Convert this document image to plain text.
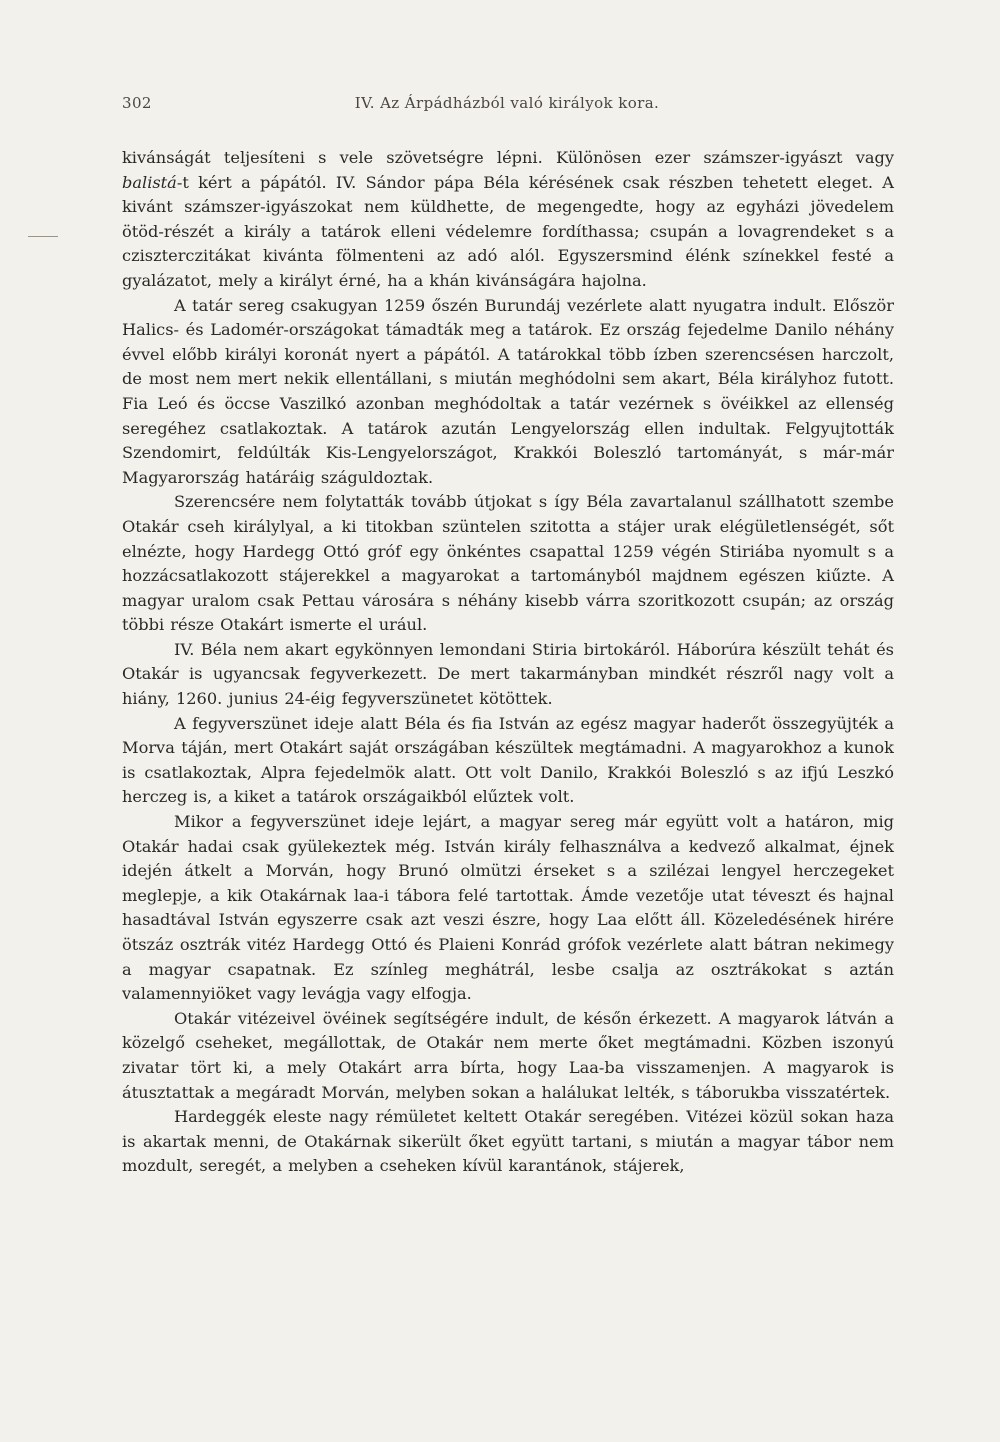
302	IV. Az Árpádházból való királyok kora.

kivánságát teljesíteni s vele szövetségre lépni. Különösen ezer számszer-igyászt vagy balistá-t kért a pápától. IV. Sándor pápa Béla kérésének csak részben tehetett eleget. A kivánt számszer-igyászokat nem küldhette, de megengedte, hogy az egyházi jövedelem ötöd-részét a király a tatárok elleni védelemre fordíthassa; csupán a lovagrendeket s a cziszterczitákat kivánta fölmenteni az adó alól. Egyszersmind élénk színekkel festé a gyalázatot, mely a királyt érné, ha a khán kivánságára hajolna.

A tatár sereg csakugyan 1259 őszén Burundáj vezérlete alatt nyugatra indult. Először Halics- és Ladomér-országokat támadták meg a tatárok. Ez ország fejedelme Danilo néhány évvel előbb királyi koronát nyert a pápától. A tatárokkal több ízben szerencsésen harczolt, de most nem mert nekik ellentállani, s miután meghódolni sem akart, Béla királyhoz futott. Fia Leó és öccse Vaszilkó azonban meghódoltak a tatár vezérnek s övéikkel az ellenség seregéhez csatlakoztak. A tatárok azután Lengyelország ellen indultak. Felgyujtották Szendomirt, feldúlták Kis-Lengyelországot, Krakkói Boleszló tartományát, s már-már Magyarország határáig száguldoztak.

Szerencsére nem folytatták tovább útjokat s így Béla zavartalanul szállhatott szembe Otakár cseh királylyal, a ki titokban szüntelen szitotta a stájer urak elégületlenségét, sőt elnézte, hogy Hardegg Ottó gróf egy önkéntes csapattal 1259 végén Stiriába nyomult s a hozzácsatlakozott stájerekkel a magyarokat a tartományból majdnem egészen kiűzte. A magyar uralom csak Pettau városára s néhány kisebb várra szoritkozott csupán; az ország többi része Otakárt ismerte el urául.

IV. Béla nem akart egykönnyen lemondani Stiria birtokáról. Háborúra készült tehát és Otakár is ugyancsak fegyverkezett. De mert takarmányban mindkét részről nagy volt a hiány, 1260. junius 24-éig fegyverszünetet kötöttek.

A fegyverszünet ideje alatt Béla és fia István az egész magyar haderőt összegyüjték a Morva táján, mert Otakárt saját országában készültek megtámadni. A magyarokhoz a kunok is csatlakoztak, Alpra fejedelmök alatt. Ott volt Danilo, Krakkói Boleszló s az ifjú Leszkó herczeg is, a kiket a tatárok országaikból elűztek volt.

Mikor a fegyverszünet ideje lejárt, a magyar sereg már együtt volt a határon, mig Otakár hadai csak gyülekeztek még. István király felhasználva a kedvező alkalmat, éjnek idején átkelt a Morván, hogy Brunó olmützi érseket s a szilézai lengyel herczegeket meglepje, a kik Otakárnak laa-i tábora felé tartottak. Ámde vezetője utat téveszt és hajnal hasadtával István egyszerre csak azt veszi észre, hogy Laa előtt áll. Közeledésének hirére ötszáz osztrák vitéz Hardegg Ottó és Plaieni Konrád grófok vezérlete alatt bátran nekimegy a magyar csapatnak. Ez színleg meghátrál, lesbe csalja az osztrákokat s aztán valamennyiöket vagy levágja vagy elfogja.

Otakár vitézeivel övéinek segítségére indult, de későn érkezett. A magyarok látván a közelgő cseheket, megállottak, de Otakár nem merte őket megtámadni. Közben iszonyú zivatar tört ki, a mely Otakárt arra bírta, hogy Laa-ba visszamenjen. A magyarok is átusztattak a megáradt Morván, melyben sokan a halálukat lelték, s táborukba visszatértek.

Hardeggék eleste nagy rémületet keltett Otakár seregében. Vitézei közül sokan haza is akartak menni, de Otakárnak sikerült őket együtt tartani, s miután a magyar tábor nem mozdult, seregét, a melyben a cseheken kívül karantánok, stájerek,
